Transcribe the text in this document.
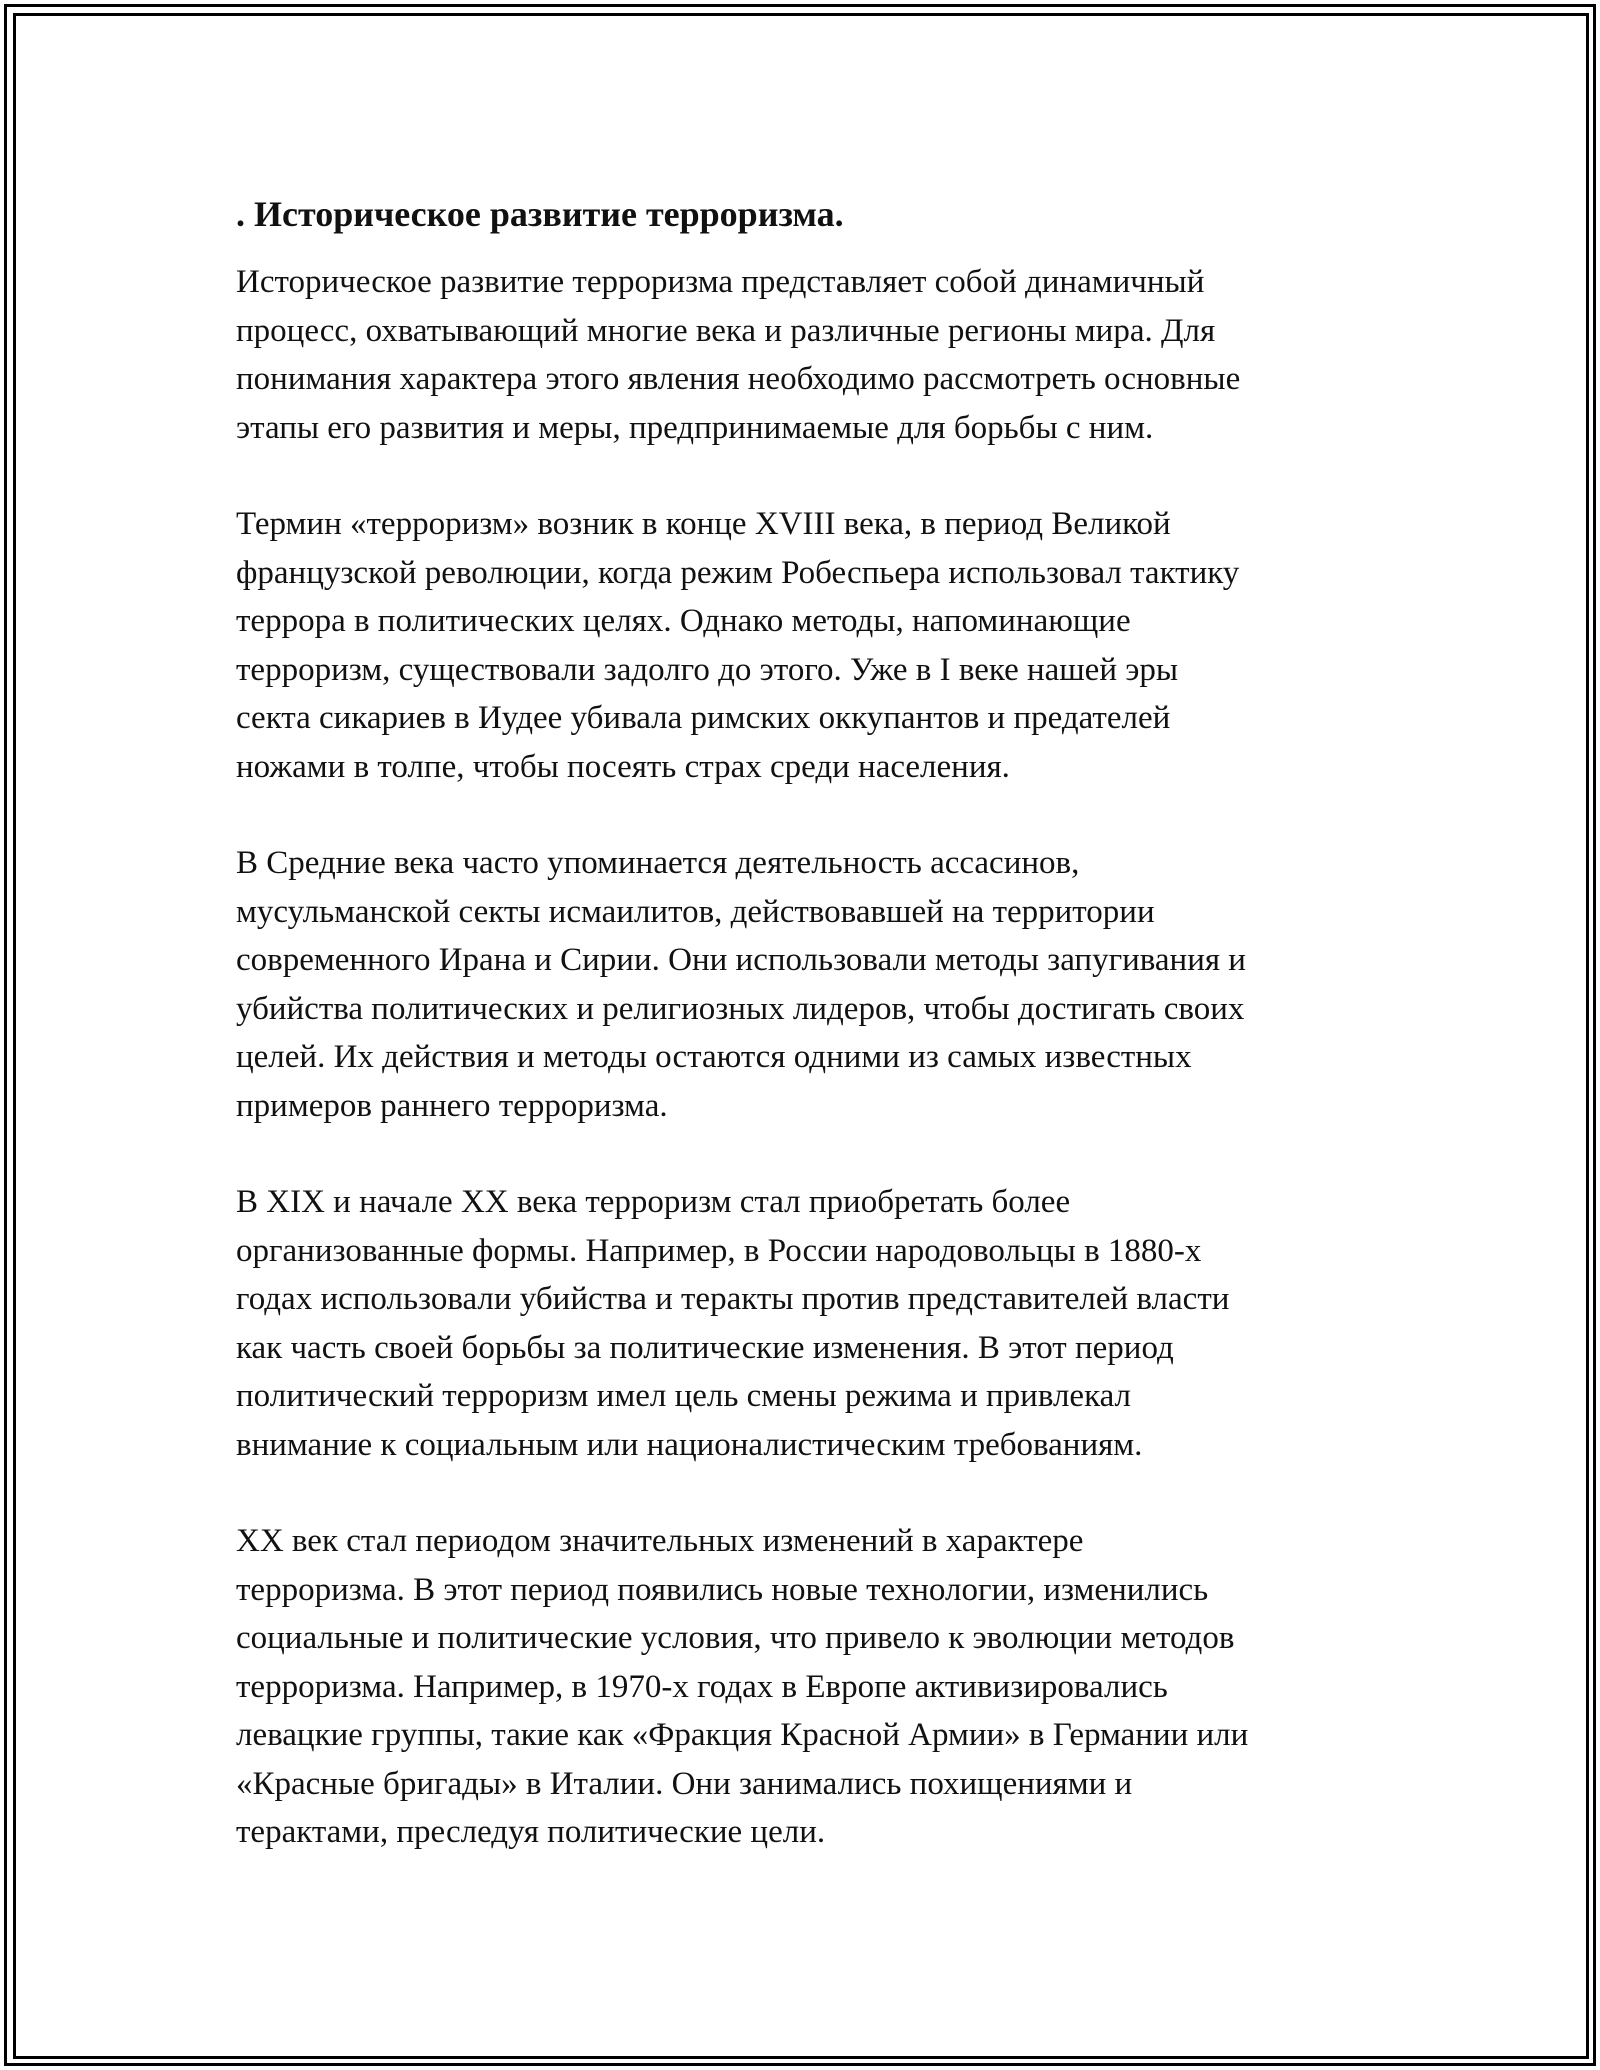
. Историческое развитие терроризма.

Историческое развитие терроризма представляет собой динамичный
процесс, охватывающий многие века и различные регионы мира. Для
понимания характера этого явления необходимо рассмотреть основные
этапы его развития и меры, предпринимаемые для борьбы с ним.

Термин «терроризм» возник в конце XVIII века, в период Великой
французской революции, когда режим Робеспьера использовал тактику
террора в политических целях. Однако методы, напоминающие
терроризм, существовали задолго до этого. Уже в I веке нашей эры
секта сикариев в Иудее убивала римских оккупантов и предателей
ножами в толпе, чтобы посеять страх среди населения.

В Средние века часто упоминается деятельность ассасинов,
мусульманской секты исмаилитов, действовавшей на территории
современного Ирана и Сирии. Они использовали методы запугивания и
убийства политических и религиозных лидеров, чтобы достигать своих
целей. Их действия и методы остаются одними из самых известных
примеров раннего терроризма.

В XIX и начале XX века терроризм стал приобретать более
организованные формы. Например, в России народовольцы в 1880-х
годах использовали убийства и теракты против представителей власти
как часть своей борьбы за политические изменения. В этот период
политический терроризм имел цель смены режима и привлекал
внимание к социальным или националистическим требованиям.

XX век стал периодом значительных изменений в характере
терроризма. В этот период появились новые технологии, изменились
социальные и политические условия, что привело к эволюции методов
терроризма. Например, в 1970-х годах в Европе активизировались
левацкие группы, такие как «Фракция Красной Армии» в Германии или
«Красные бригады» в Италии. Они занимались похищениями и
терактами, преследуя политические цели.
